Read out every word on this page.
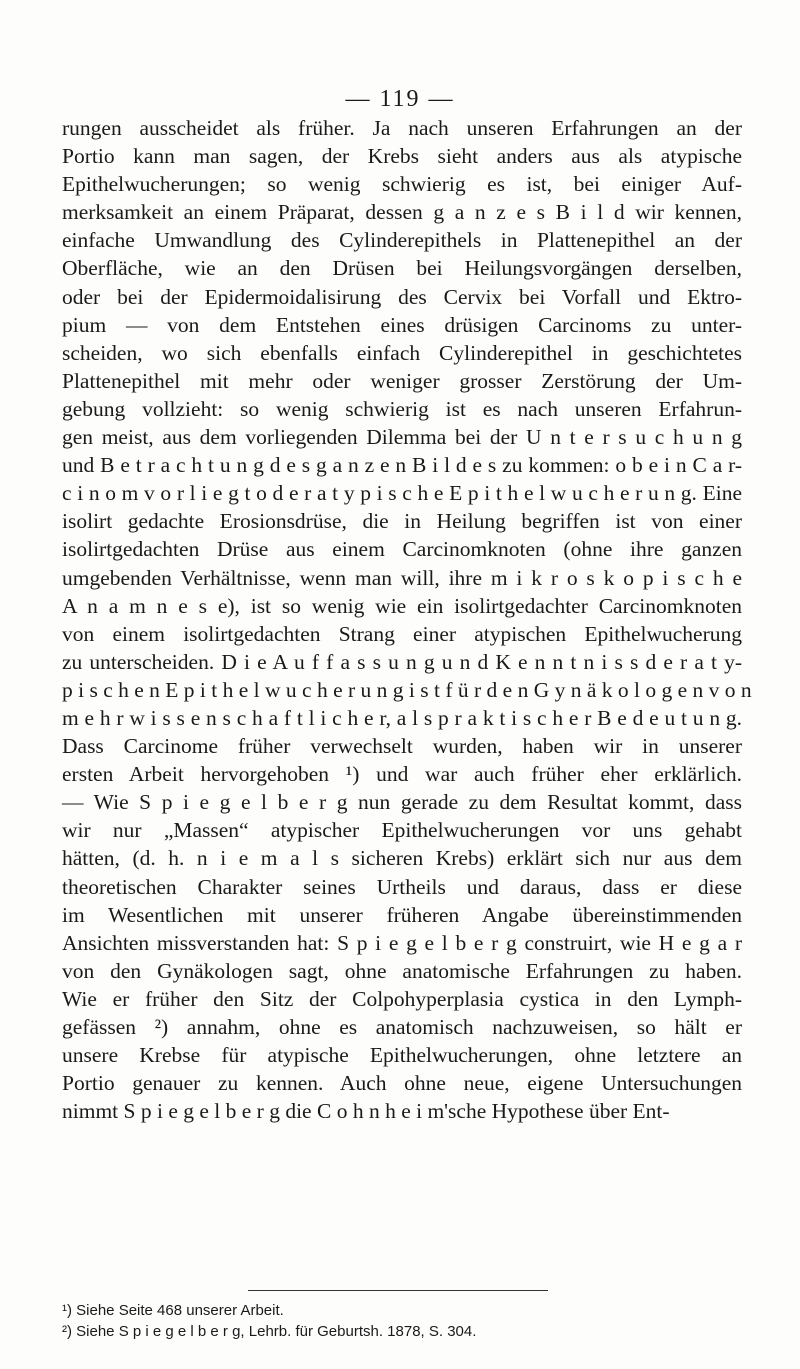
— 119 —
rungen ausscheidet als früher. Ja nach unseren Erfahrungen an der
Portio kann man sagen, der Krebs sieht anders aus als atypische
Epithelwucherungen; so wenig schwierig es ist, bei einiger Auf-
merksamkeit an einem Präparat, dessen g a n z e s B i l d wir kennen,
einfache Umwandlung des Cylinderepithels in Plattenepithel an der
Oberfläche, wie an den Drüsen bei Heilungsvorgängen derselben,
oder bei der Epidermoidalisirung des Cervix bei Vorfall und Ektro-
pium — von dem Entstehen eines drüsigen Carcinoms zu unter-
scheiden, wo sich ebenfalls einfach Cylinderepithel in geschichtetes
Plattenepithel mit mehr oder weniger grosser Zerstörung der Um-
gebung vollzieht: so wenig schwierig ist es nach unseren Erfahrun-
gen meist, aus dem vorliegenden Dilemma bei der U n t e r s u c h u n g
und B e t r a c h t u n g d e s g a n z e n B i l d e s zu kommen: o b e i n C a r-
c i n o m v o r l i e g t o d e r a t y p i s c h e E p i t h e l w u c h e r u n g. Eine
isolirt gedachte Erosionsdrüse, die in Heilung begriffen ist von einer
isolirtgedachten Drüse aus einem Carcinomknoten (ohne ihre ganzen
umgebenden Verhältnisse, wenn man will, ihre m i k r o s k o p i s c h e
A n a m n e s e), ist so wenig wie ein isolirtgedachter Carcinomknoten
von einem isolirtgedachten Strang einer atypischen Epithelwucherung
zu unterscheiden. D i e A u f f a s s u n g u n d K e n n t n i s s d e r a t y-
p i s c h e n E p i t h e l w u c h e r u n g i s t f ü r d e n G y n ä k o l o g e n v o n
m e h r w i s s e n s c h a f t l i c h e r, a l s p r a k t i s c h e r B e d e u t u n g.
Dass Carcinome früher verwechselt wurden, haben wir in unserer
ersten Arbeit hervorgehoben ¹) und war auch früher eher erklärlich.
— Wie S p i e g e l b e r g nun gerade zu dem Resultat kommt, dass
wir nur „Massen“ atypischer Epithelwucherungen vor uns gehabt
hätten, (d. h. n i e m a l s sicheren Krebs) erklärt sich nur aus dem
theoretischen Charakter seines Urtheils und daraus, dass er diese
im Wesentlichen mit unserer früheren Angabe übereinstimmenden
Ansichten missverstanden hat: S p i e g e l b e r g construirt, wie H e g a r
von den Gynäkologen sagt, ohne anatomische Erfahrungen zu haben.
Wie er früher den Sitz der Colpohyperplasia cystica in den Lymph-
gefässen ²) annahm, ohne es anatomisch nachzuweisen, so hält er
unsere Krebse für atypische Epithelwucherungen, ohne letztere an
Portio genauer zu kennen. Auch ohne neue, eigene Untersuchungen
nimmt S p i e g e l b e r g die C o h n h e i m'sche Hypothese über Ent-
¹) Siehe Seite 468 unserer Arbeit.
²) Siehe S p i e g e l b e r g, Lehrb. für Geburtsh. 1878, S. 304.
